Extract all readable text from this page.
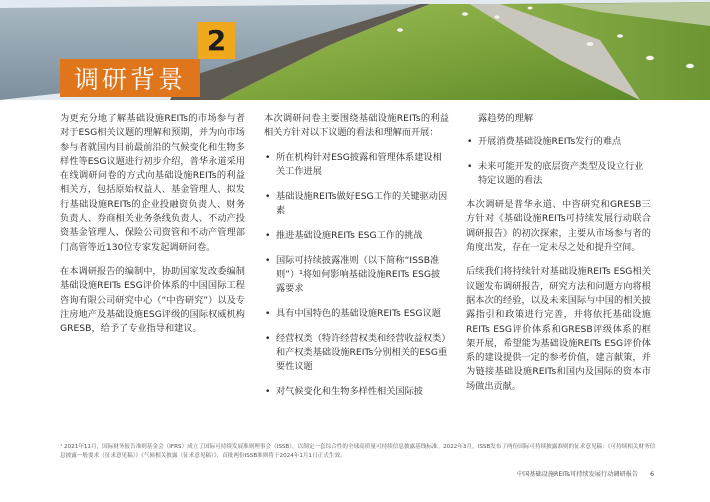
2
调研背景

为更充分地了解基础设施REITs的市场参与者对于ESG相关议题的理解和预期，并为向市场参与者就国内目前最前沿的气候变化和生物多样性等ESG议题进行初步介绍，普华永道采用在线调研问卷的方式向基础设施REITs的利益相关方，包括原始权益人、基金管理人、拟发行基础设施REITs的企业投融资负责人、财务负责人、券商相关业务条线负责人、不动产投资基金管理人、保险公司资管和不动产管理部门高管等近130位专家发起调研问卷。

在本调研报告的编制中，协助国家发改委编制基础设施REITs ESG评价体系的中国国际工程咨询有限公司研究中心（“中咨研究”）以及专注房地产及基础设施ESG评级的国际权威机构GRESB，给予了专业指导和建议。

本次调研问卷主要围绕基础设施REITs的利益相关方针对以下议题的看法和理解而开展：

• 所在机构针对ESG披露和管理体系建设相关工作进展
• 基础设施REITs做好ESG工作的关键驱动因素
• 推进基础设施REITs ESG工作的挑战
• 国际可持续披露准则（以下简称“ISSB准则”）¹将如何影响基础设施REITs ESG披露要求
• 具有中国特色的基础设施REITs ESG议题
• 经营权类（特许经营权类和经营收益权类）和产权类基础设施REITs分别相关的ESG重要性议题
• 对气候变化和生物多样性相关国际披
露趋势的理解
• 开展消费基础设施REITs发行的难点
• 未来可能开发的底层资产类型及设立行业特定议题的看法

本次调研是普华永道、中咨研究和GRESB三方针对《基础设施REITs可持续发展行动联合调研报告》的初次探索，主要从市场参与者的角度出发，存在一定未尽之处和提升空间。

后续我们将持续针对基础设施REITs ESG相关议题发布调研报告，研究方法和问题方向将根据本次的经验，以及未来国际与中国的相关披露指引和政策进行完善，并将依托基础设施REITs ESG评价体系和GRESB评级体系的框架开展，希望能为基础设施REITs ESG评价体系的建设提供一定的参考价值，建言献策，并为链接基础设施REITs和国内及国际的资本市场做出贡献。

¹ 2021年11月，国际财务报告准则基金会（IFRS）成立了国际可持续发展准则理事会（ISSB），以制定一套综合性的全球高质量可持续信息披露基线标准。2022年3月，ISSB发布了两份国际可持续披露准则的征求意见稿：《可持续相关财务信息披露一般要求（征求意见稿）》《气候相关披露（征求意见稿）》，首批两份ISSB准则将于2024年1月1日正式生效。
中国基础设施REITs可持续发展行动调研报告 6
